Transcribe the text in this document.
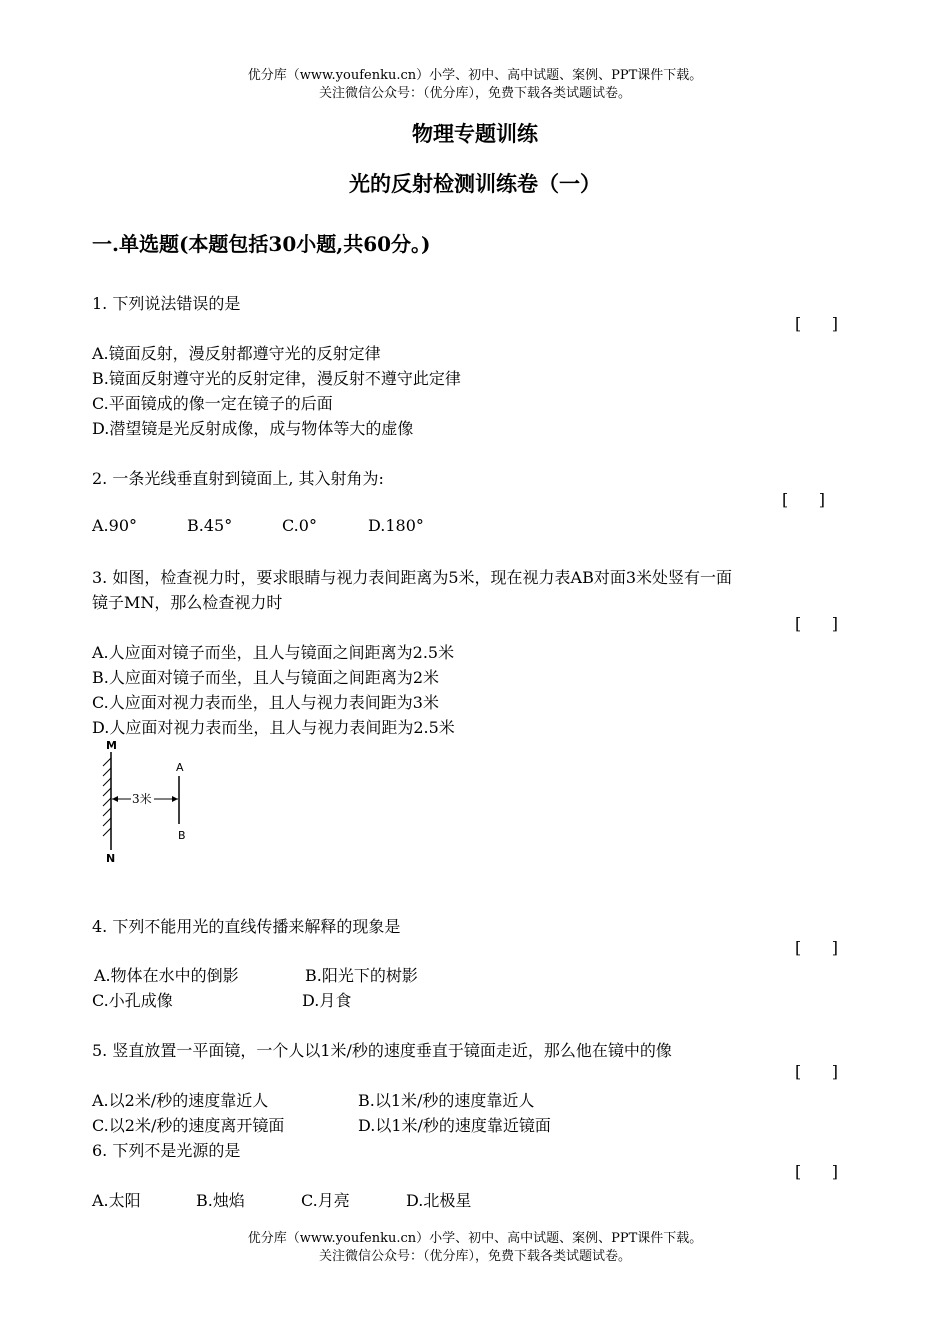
优分库（www.youfenku.cn）小学、初中、高中试题、案例、PPT课件下载。
关注微信公众号：（优分库），免费下载各类试题试卷。
物理专题训练
光的反射检测训练卷（一）
一.单选题(本题包括30小题,共60分。)
1. 下列说法错误的是
[      ]
A.镜面反射，漫反射都遵守光的反射定律
B.镜面反射遵守光的反射定律，漫反射不遵守此定律
C.平面镜成的像一定在镜子的后面
D.潜望镜是光反射成像，成与物体等大的虚像
2. 一条光线垂直射到镜面上, 其入射角为:
[      ]
A.90°	B.45°	C.0°	D.180°
3. 如图，检查视力时，要求眼睛与视力表间距离为5米，现在视力表AB对面3米处竖有一面
镜子MN，那么检查视力时
[      ]
A.人应面对镜子而坐，且人与镜面之间距离为2.5米
B.人应面对镜子而坐，且人与镜面之间距离为2米
C.人应面对视力表而坐，且人与视力表间距为3米
D.人应面对视力表而坐，且人与视力表间距为2.5米
3米
M
N
A
B
4. 下列不能用光的直线传播来解释的现象是
[      ]
A.物体在水中的倒影	B.阳光下的树影
C.小孔成像	D.月食
5. 竖直放置一平面镜，一个人以1米/秒的速度垂直于镜面走近，那么他在镜中的像
[      ]
A.以2米/秒的速度靠近人	B.以1米/秒的速度靠近人
C.以2米/秒的速度离开镜面	D.以1米/秒的速度靠近镜面
6. 下列不是光源的是
[      ]
A.太阳	B.烛焰	C.月亮	D.北极星
优分库（www.youfenku.cn）小学、初中、高中试题、案例、PPT课件下载。
关注微信公众号：（优分库），免费下载各类试题试卷。
